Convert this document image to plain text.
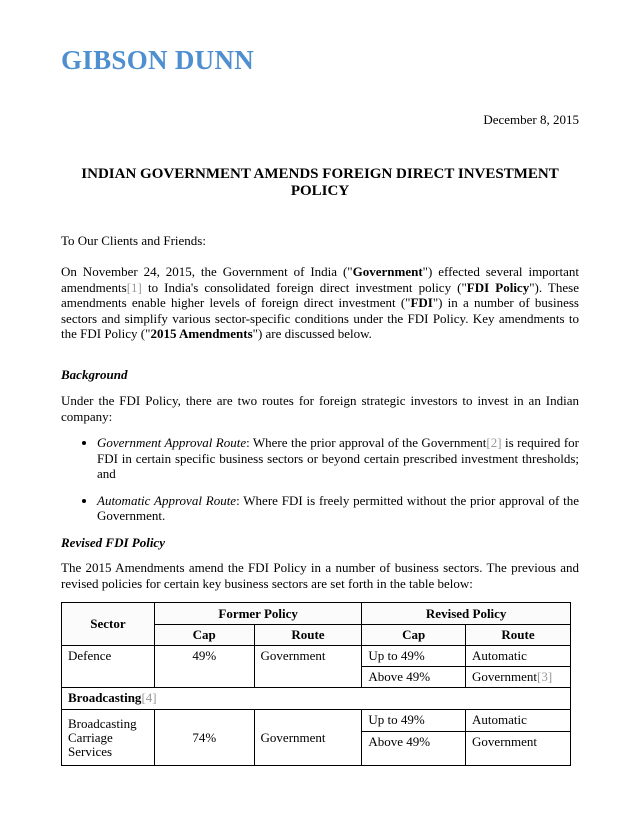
GIBSON DUNN
December 8, 2015
INDIAN GOVERNMENT AMENDS FOREIGN DIRECT INVESTMENT POLICY
To Our Clients and Friends:
On November 24, 2015, the Government of India ("Government") effected several important amendments[1] to India's consolidated foreign direct investment policy ("FDI Policy"). These amendments enable higher levels of foreign direct investment ("FDI") in a number of business sectors and simplify various sector-specific conditions under the FDI Policy. Key amendments to the FDI Policy ("2015 Amendments") are discussed below.
Background
Under the FDI Policy, there are two routes for foreign strategic investors to invest in an Indian company:
• Government Approval Route: Where the prior approval of the Government[2] is required for FDI in certain specific business sectors or beyond certain prescribed investment thresholds; and
• Automatic Approval Route: Where FDI is freely permitted without the prior approval of the Government.
Revised FDI Policy
The 2015 Amendments amend the FDI Policy in a number of business sectors. The previous and revised policies for certain key business sectors are set forth in the table below:
Sector	Former Policy		Revised Policy	
	Cap	Route	Cap	Route
Defence	49%	Government	Up to 49%	Automatic
			Above 49%	Government[3]
Broadcasting[4]				
Broadcasting Carriage Services	74%	Government	Up to 49%	Automatic
			Above 49%	Government
